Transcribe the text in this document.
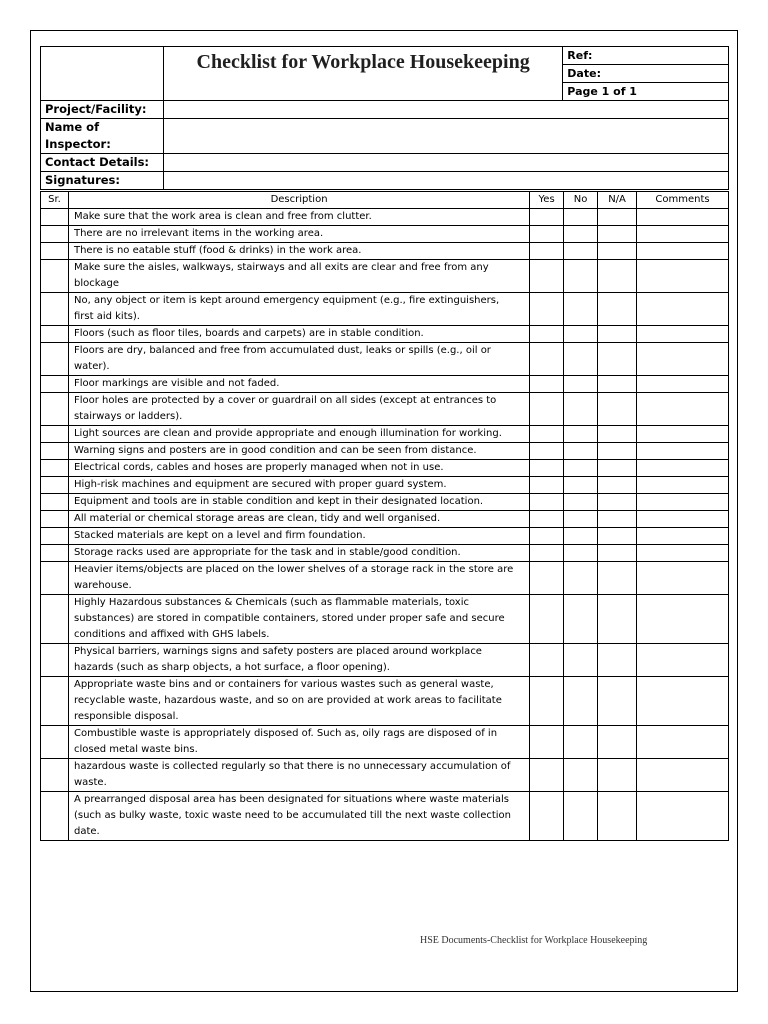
	Checklist for Workplace Housekeeping	Ref:
		Date:
		Page 1 of 1
Project/Facility:		
Name of Inspector:		
Contact Details:		
Signatures:		
Sr.	Description	Yes	No	N/A	Comments
	Make sure that the work area is clean and free from clutter.				
	There are no irrelevant items in the working area.				
	There is no eatable stuff (food & drinks) in the work area.				
	Make sure the aisles, walkways, stairways and all exits are clear and free from any blockage				
	No, any object or item is kept around emergency equipment (e.g., fire extinguishers, first aid kits).				
	Floors (such as floor tiles, boards and carpets) are in stable condition.				
	Floors are dry, balanced and free from accumulated dust, leaks or spills (e.g., oil or water).				
	Floor markings are visible and not faded.				
	Floor holes are protected by a cover or guardrail on all sides (except at entrances to stairways or ladders).				
	Light sources are clean and provide appropriate and enough illumination for working.				
	Warning signs and posters are in good condition and can be seen from distance.				
	Electrical cords, cables and hoses are properly managed when not in use.				
	High-risk machines and equipment are secured with proper guard system.				
	Equipment and tools are in stable condition and kept in their designated location.				
	All material or chemical storage areas are clean, tidy and well organised.				
	Stacked materials are kept on a level and firm foundation.				
	Storage racks used are appropriate for the task and in stable/good condition.				
	Heavier items/objects are placed on the lower shelves of a storage rack in the store are warehouse.				
	Highly Hazardous substances & Chemicals (such as flammable materials, toxic substances) are stored in compatible containers, stored under proper safe and secure conditions and affixed with GHS labels.				
	Physical barriers, warnings signs and safety posters are placed around workplace hazards (such as sharp objects, a hot surface, a floor opening).				
	Appropriate waste bins and or containers for various wastes such as general waste, recyclable waste, hazardous waste, and so on are provided at work areas to facilitate responsible disposal.				
	Combustible waste is appropriately disposed of. Such as, oily rags are disposed of in closed metal waste bins.				
	hazardous waste is collected regularly so that there is no unnecessary accumulation of waste.				
	A prearranged disposal area has been designated for situations where waste materials (such as bulky waste, toxic waste need to be accumulated till the next waste collection date.				
HSE Documents-Checklist for Workplace Housekeeping
